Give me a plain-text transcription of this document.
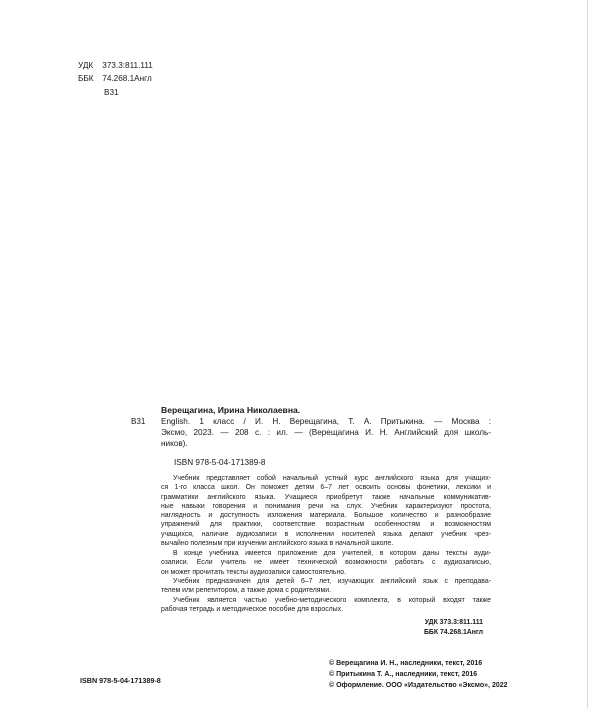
УДК 373.3:811.111
ББК 74.268.1Англ
В31
Верещагина, Ирина Николаевна.
В31 English. 1 класс / И. Н. Верещагина, Т. А. Притыкина. — Москва :
Эксмо, 2023. — 208 с. : ил. — (Верещагина И. Н. Английский для школь-
ников).
ISBN 978-5-04-171389-8
Учебник представляет собой начальный устный курс английского языка для учащих-
ся 1-го класса школ. Он поможет детям 6–7 лет освоить основы фонетики, лексики и
грамматики английского языка. Учащиеся приобретут также начальные коммуникатив-
ные навыки говорения и понимания речи на слух. Учебник характеризуют простота,
наглядность и доступность изложения материала. Большое количество и разнообразие
упражнений для практики, соответствие возрастным особенностям и возможностям
учащихся, наличие аудиозаписи в исполнении носителей языка делают учебник чрез-
вычайно полезным при изучении английского языка в начальной школе.
В конце учебника имеется приложение для учителей, в котором даны тексты ауди-
озаписи. Если учитель не имеет технической возможности работать с аудиозаписью,
он может прочитать тексты аудиозаписи самостоятельно.
Учебник предназначен для детей 6–7 лет, изучающих английский язык с преподава-
телем или репетитором, а также дома с родителями.
Учебник является частью учебно-методического комплекта, в который входят также
рабочая тетрадь и методическое пособие для взрослых.
УДК 373.3:811.111
ББК 74.268.1Англ
ISBN 978-5-04-171389-8
© Верещагина И. Н., наследники, текст, 2016
© Притыкина Т. А., наследники, текст, 2016
© Оформление. ООО «Издательство «Эксмо», 2022
